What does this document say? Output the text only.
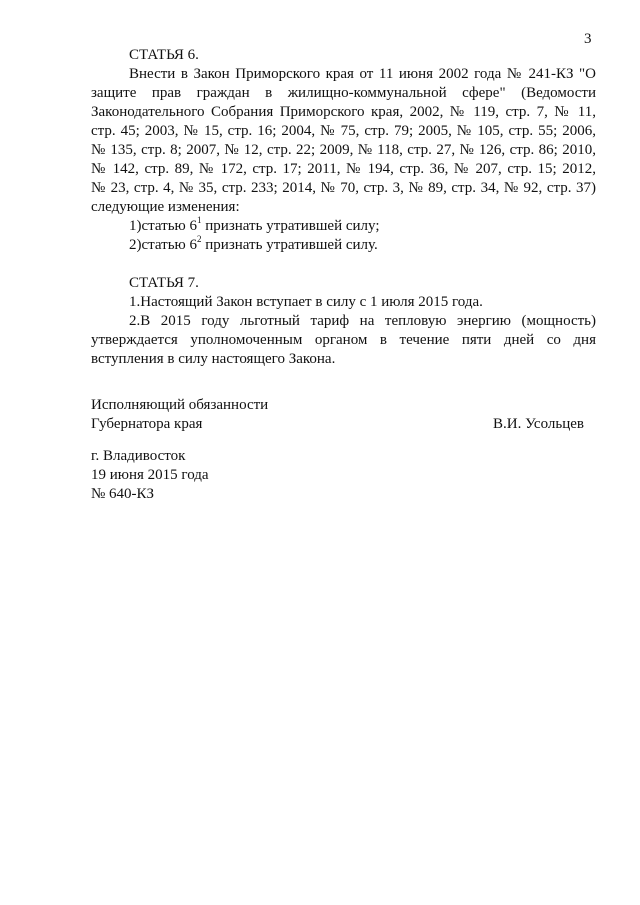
3
СТАТЬЯ 6.
Внести в Закон Приморского края от 11 июня 2002 года № 241-КЗ "О
защите прав граждан в жилищно-коммунальной сфере" (Ведомости
Законодательного Собрания Приморского края, 2002, № 119, стр. 7, № 11,
стр. 45; 2003, № 15, стр. 16; 2004, № 75, стр. 79; 2005, № 105, стр. 55; 2006,
№ 135, стр. 8; 2007, № 12, стр. 22; 2009, № 118, стр. 27, № 126, стр. 86; 2010,
№ 142, стр. 89, № 172, стр. 17; 2011, № 194, стр. 36, № 207, стр. 15; 2012,
№ 23, стр. 4, № 35, стр. 233; 2014, № 70, стр. 3, № 89, стр. 34, № 92, стр. 37)
следующие изменения:
1)статью $6^1$ признать утратившей силу;
2)статью $6^2$ признать утратившей силу.
СТАТЬЯ 7.
1.Настоящий Закон вступает в силу с 1 июля 2015 года.
2.В 2015 году льготный тариф на тепловую энергию (мощность)
утверждается уполномоченным органом в течение пяти дней со дня
вступления в силу настоящего Закона.
Исполняющий обязанности
Губернатора края	В.И. Усольцев
г. Владивосток
19 июня 2015 года
№ 640-КЗ
